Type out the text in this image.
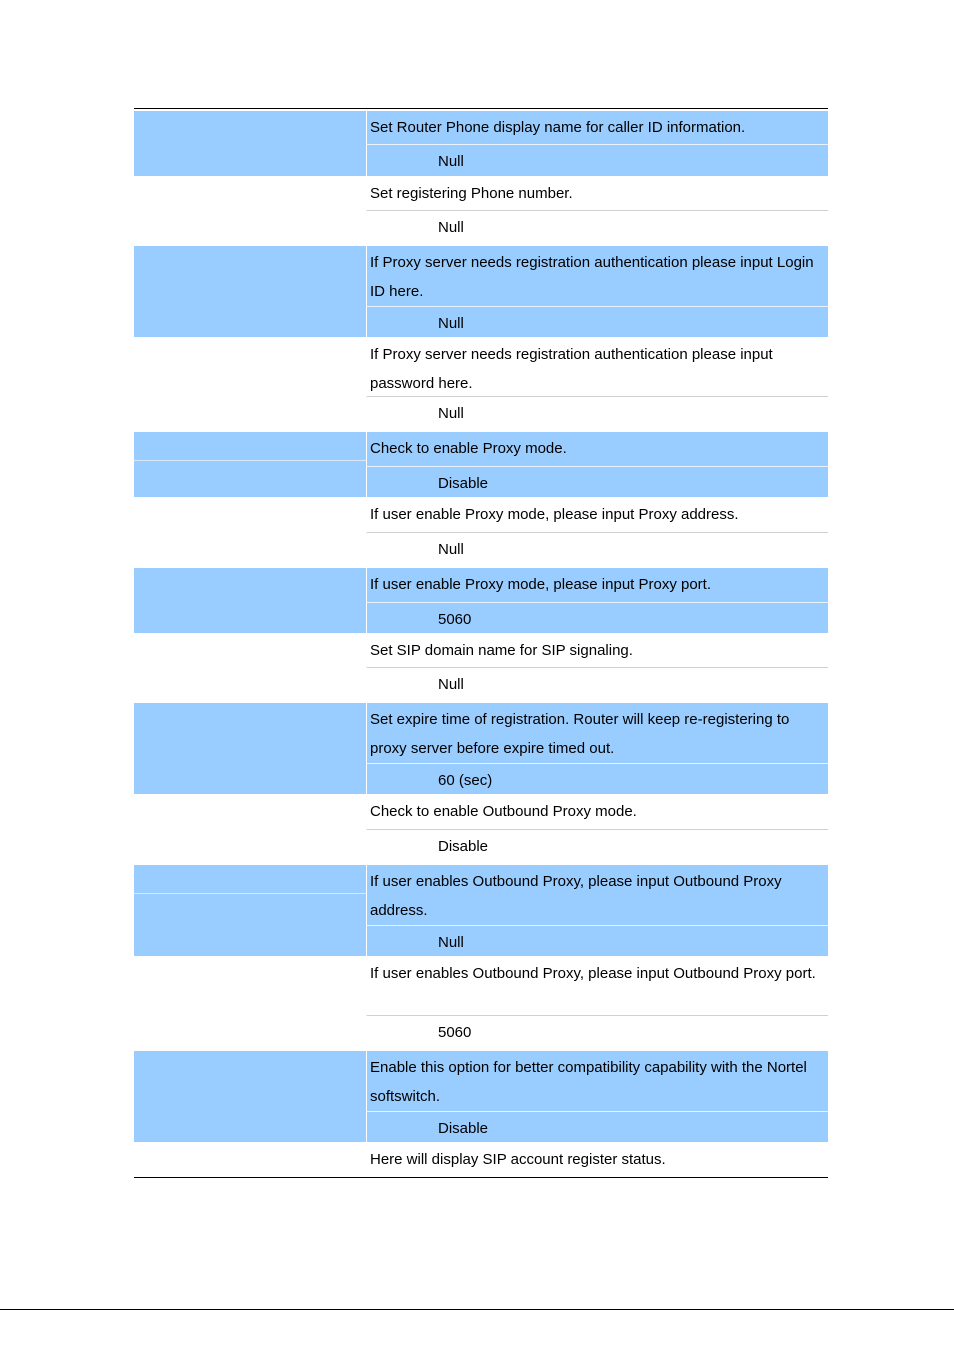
Set Router Phone display name for caller ID information.
Null
Set registering Phone number.
Null
If Proxy server needs registration authentication please input Login ID here.
Null
If Proxy server needs registration authentication please input password here.
Null
Check to enable Proxy mode.
Disable
If user enable Proxy mode, please input Proxy address.
Null
If user enable Proxy mode, please input Proxy port.
5060
Set SIP domain name for SIP signaling.
Null
Set expire time of registration. Router will keep re-registering to proxy server before expire timed out.
60 (sec)
Check to enable Outbound Proxy mode.
Disable
If user enables Outbound Proxy, please input Outbound Proxy address.
Null
If user enables Outbound Proxy, please input Outbound Proxy port.
5060
Enable this option for better compatibility capability with the Nortel softswitch.
Disable
Here will display SIP account register status.
